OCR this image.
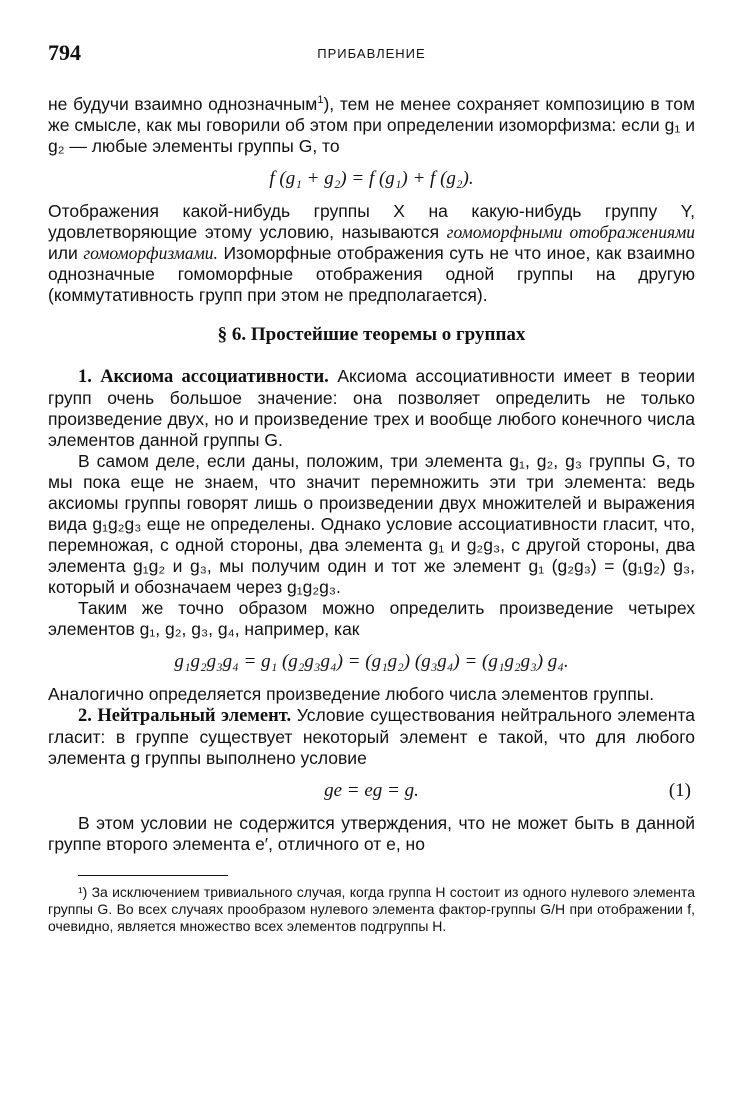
794	ПРИБАВЛЕНИЕ

не будучи взаимно однозначным$^1$), тем не менее сохраняет композицию в том же смысле, как мы говорили об этом при определении изоморфизма: если g₁ и g₂ — любые элементы группы G, то

f (g₁ + g₂) = f (g₁) + f (g₂).

Отображения какой-нибудь группы X на какую-нибудь группу Y, удовлетворяющие этому условию, называются гомоморфными отображениями или гомоморфизмами. Изоморфные отображения суть не что иное, как взаимно однозначные гомоморфные отображения одной группы на другую (коммутативность групп при этом не предполагается).

§ 6. Простейшие теоремы о группах

1. Аксиома ассоциативности. Аксиома ассоциативности имеет в теории групп очень большое значение: она позволяет определить не только произведение двух, но и произведение трех и вообще любого конечного числа элементов данной группы G.

В самом деле, если даны, положим, три элемента g₁, g₂, g₃ группы G, то мы пока еще не знаем, что значит перемножить эти три элемента: ведь аксиомы группы говорят лишь о произведении двух множителей и выражения вида g₁g₂g₃ еще не определены. Однако условие ассоциативности гласит, что, перемножая, с одной стороны, два элемента g₁ и g₂g₃, с другой стороны, два элемента g₁g₂ и g₃, мы получим один и тот же элемент g₁ (g₂g₃) = (g₁g₂) g₃, который и обозначаем через g₁g₂g₃.

Таким же точно образом можно определить произведение четырех элементов g₁, g₂, g₃, g₄, например, как

g₁g₂g₃g₄ = g₁ (g₂g₃g₄) = (g₁g₂) (g₃g₄) = (g₁g₂g₃) g₄.

Аналогично определяется произведение любого числа элементов группы.

2. Нейтральный элемент. Условие существования нейтрального элемента гласит: в группе существует некоторый элемент e такой, что для любого элемента g группы выполнено условие

ge = eg = g.	(1)

В этом условии не содержится утверждения, что не может быть в данной группе второго элемента e′, отличного от e, но

¹) За исключением тривиального случая, когда группа H состоит из одного нулевого элемента группы G. Во всех случаях прообразом нулевого элемента фактор-группы G/H при отображении f, очевидно, является множество всех элементов подгруппы H.
